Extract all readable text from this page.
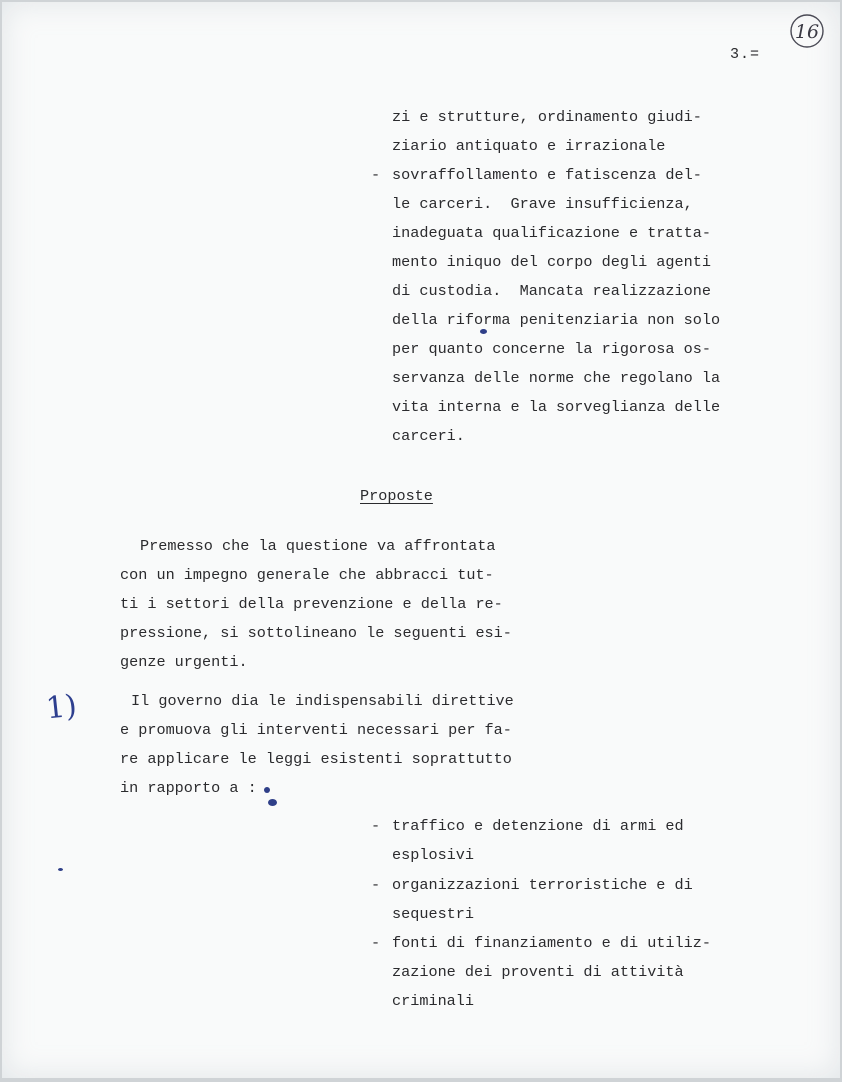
16
3.=
zi e strutture, ordinamento giudi-
ziario antiquato e irrazionale
- sovraffollamento e fatiscenza del-
le carceri.  Grave insufficienza,
inadeguata qualificazione e tratta-
mento iniquo del corpo degli agenti
di custodia.  Mancata realizzazione
della riforma penitenziaria non solo
per quanto concerne la rigorosa os-
servanza delle norme che regolano la
vita interna e la sorveglianza delle
carceri.
Proposte
Premesso che la questione va affrontata
con un impegno generale che abbracci tut-
ti i settori della prevenzione e della re-
pressione, si sottolineano le seguenti esi-
genze urgenti.
1)	Il governo dia le indispensabili direttive
e promuova gli interventi necessari per fa-
re applicare le leggi esistenti soprattutto
in rapporto a :
- traffico e detenzione di armi ed
esplosivi
- organizzazioni terroristiche e di
sequestri
- fonti di finanziamento e di utiliz-
zazione dei proventi di attività
criminali
